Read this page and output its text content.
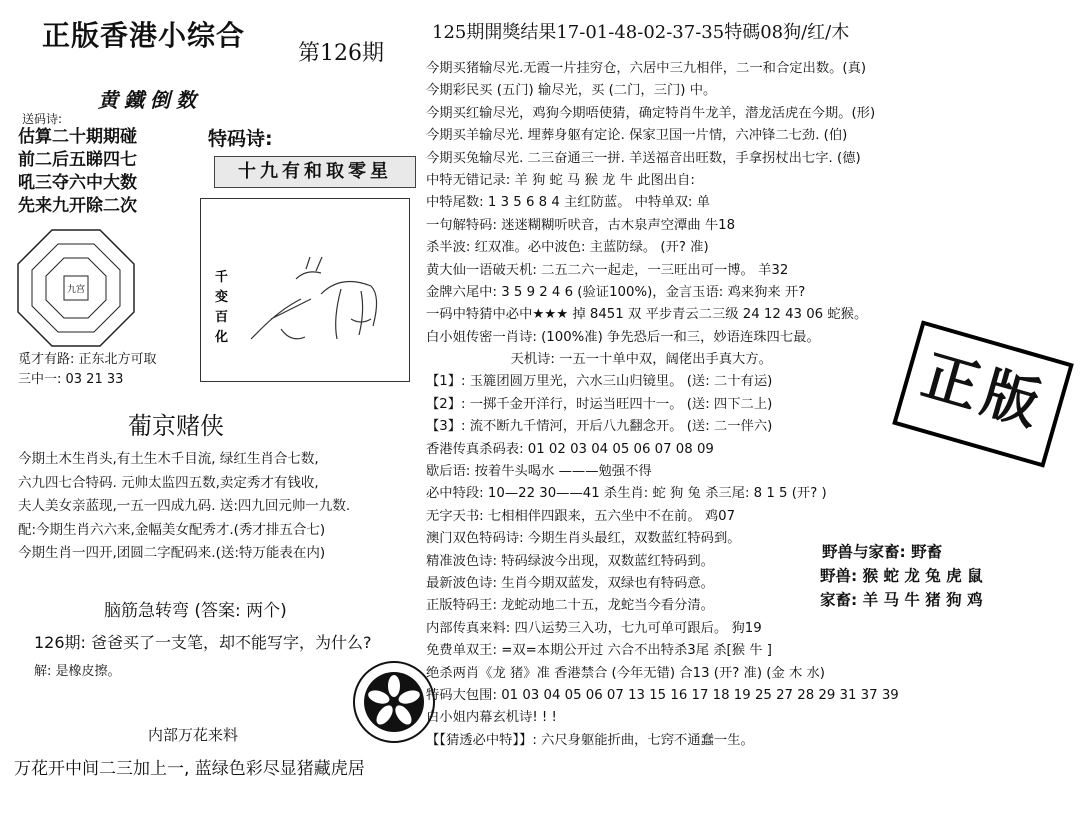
正版香港小综合
第126期
黄鐵倒数
送码诗:
估算二十期期碰
前二后五睇四七
吼三夺六中大数
先来九开除二次
特码诗:
十九有和取零星
千
变
百
化
九宫
觅才有路: 正东北方可取
三中一: 03 21 33
葡京赌侠
今期土木生肖头,有土生木千目流, 绿红生肖合七数,
六九四七合特码. 元帅太监四五数,卖定秀才有钱收,
夫人美女亲蓝现,一五一四成九码. 送:四九回元帅一九数.
配:今期生肖六六来,金幅美女配秀才.(秀才排五合七)
今期生肖一四开,团圆二字配码来.(送:特万能表在内)
脑筋急转弯 (答案: 两个)
126期: 爸爸买了一支笔，却不能写字，为什么?
解: 是橡皮擦。
内部万花来料
万花开中间二三加上一, 蓝绿色彩尽显猪藏虎居
125期開獎结果17-01-48-02-37-35特碼08狗/红/木
今期买猪输尽光.无霞一片挂穷仓，六居中三九相伴，二一和合定出数。(真)
今期彩民买 (五门) 输尽光，买 (二门，三门) 中。
今期买红输尽光，鸡狗今期唔使猜，确定特肖牛龙羊，潜龙活虎在今期。(形)
今期买羊输尽光. 埋葬身躯有定论. 保家卫国一片情，六冲锋二七劲. (伯)
今期买兔输尽光. 二三奋通三一拼. 羊送福音出旺数，手拿拐杖出七字. (德)
中特无错记录: 羊 狗 蛇 马 猴 龙 牛 此图出自:
中特尾数: 1 3 5 6 8 4 主红防蓝。 中特单双: 单
一句解特码: 迷迷糊糊听吠音，古木泉声空潭曲 牛18
杀半波: 红双准。必中波色: 主蓝防绿。 (开? 准)
黄大仙一语破天机: 二五二六一起走，一三旺出可一博。 羊32
金牌六尾中: 3 5 9 2 4 6 (验证100%)，金言玉语: 鸡来狗来 开?
一码中特猜中必中★★★ 掉 8451 双 平步青云二三级 24 12 43 06 蛇猴。
白小姐传密一肖诗: (100%准) 争先恐后一和三，妙语连珠四七最。
天机诗: 一五一十单中双，阔佬出手真大方。
【1】: 玉簏团圆万里光，六水三山归镜里。 (送: 二十有运)
【2】: 一掷千金开洋行，时运当旺四十一。 (送: 四下二上)
【3】: 流不断九千情河，开后八九翻念开。 (送: 二一伴六)
香港传真杀码表: 01 02 03 04 05 06 07 08 09
歇后语: 按着牛头喝水 ———勉强不得
必中特段: 10—22 30——41 杀生肖: 蛇 狗 兔 杀三尾: 8 1 5 (开? )
无字天书: 七相相伴四跟来，五六坐中不在前。 鸡07
澳门双色特码诗: 今期生肖头最红，双数蓝红特码到。
精准波色诗: 特码绿波今出现，双数蓝红特码到。
最新波色诗: 生肖今期双蓝发，双绿也有特码意。
正版特码王: 龙蛇动地二十五，龙蛇当今看分清。
内部传真来料: 四八运势三入功，七九可单可跟后。 狗19
免费单双王: =双=本期公开过 六合不出特杀3尾 杀[猴 牛 ]
绝杀两肖《龙 猪》准 香港禁合 (今年无错) 合13 (开? 准) (金 木 水)
特码大包围: 01 03 04 05 06 07 13 15 16 17 18 19 25 27 28 29 31 37 39
白小姐内幕玄机诗! ! !
【【猜透必中特】】: 六尺身躯能折曲，七窍不通蠢一生。
正版
野兽与家畜: 野畜
野兽: 猴 蛇 龙 兔 虎 鼠
家畜: 羊 马 牛 猪 狗 鸡
